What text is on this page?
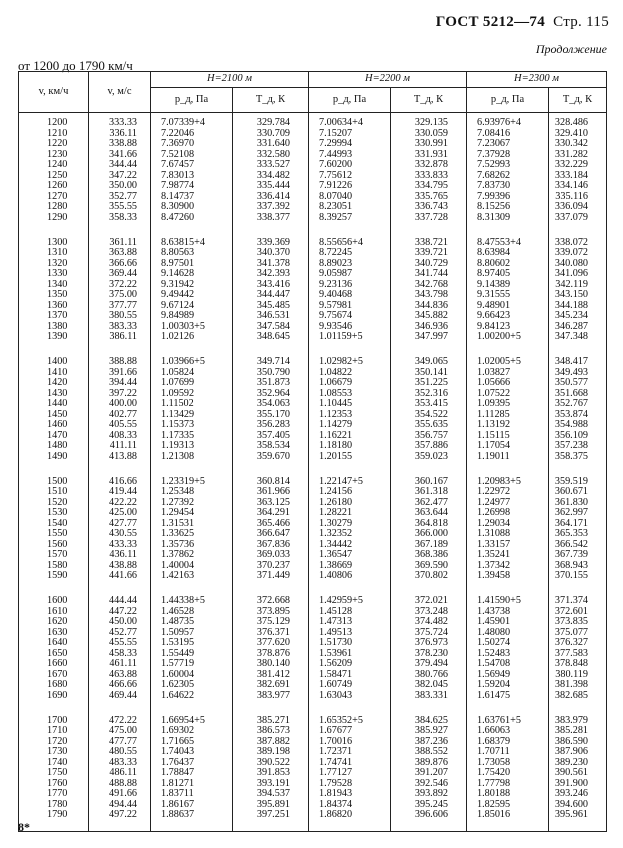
ГОСТ 5212—74 Стр. 115
Продолжение
от 1200 до 1790 км/ч
v, км/ч	v, м/с	H=2100 м		H=2200 м		H=2300 м	
		p_д, Па	T_д, К	p_д, Па	T_д, К	p_д, Па	T_д, К
1200	333.33	7.07339+4	329.784	7.00634+4	329.135	6.93976+4	328.486
1210	336.11	7.22046	330.709	7.15207	330.059	7.08416	329.410
1220	338.88	7.36970	331.640	7.29994	330.991	7.23067	330.342
1230	341.66	7.52108	332.580	7.44993	331.931	7.37928	331.282
1240	344.44	7.67457	333.527	7.60200	332.878	7.52993	332.229
1250	347.22	7.83013	334.482	7.75612	333.833	7.68262	333.184
1260	350.00	7.98774	335.444	7.91226	334.795	7.83730	334.146
1270	352.77	8.14737	336.414	8.07040	335.765	7.99396	335.116
1280	355.55	8.30900	337.392	8.23051	336.743	8.15256	336.094
1290	358.33	8.47260	338.377	8.39257	337.728	8.31309	337.079

1300	361.11	8.63815+4	339.369	8.55656+4	338.721	8.47553+4	338.072
1310	363.88	8.80563	340.370	8.72245	339.721	8.63984	339.072
1320	366.66	8.97501	341.378	8.89023	340.729	8.80602	340.080
1330	369.44	9.14628	342.393	9.05987	341.744	8.97405	341.096
1340	372.22	9.31942	343.416	9.23136	342.768	9.14389	342.119
1350	375.00	9.49442	344.447	9.40468	343.798	9.31555	343.150
1360	377.77	9.67124	345.485	9.57981	344.836	9.48901	344.188
1370	380.55	9.84989	346.531	9.75674	345.882	9.66423	345.234
1380	383.33	1.00303+5	347.584	9.93546	346.936	9.84123	346.287
1390	386.11	1.02126	348.645	1.01159+5	347.997	1.00200+5	347.348

1400	388.88	1.03966+5	349.714	1.02982+5	349.065	1.02005+5	348.417
1410	391.66	1.05824	350.790	1.04822	350.141	1.03827	349.493
1420	394.44	1.07699	351.873	1.06679	351.225	1.05666	350.577
1430	397.22	1.09592	352.964	1.08553	352.316	1.07522	351.668
1440	400.00	1.11502	354.063	1.10445	353.415	1.09395	352.767
1450	402.77	1.13429	355.170	1.12353	354.522	1.11285	353.874
1460	405.55	1.15373	356.283	1.14279	355.635	1.13192	354.988
1470	408.33	1.17335	357.405	1.16221	356.757	1.15115	356.109
1480	411.11	1.19313	358.534	1.18180	357.886	1.17054	357.238
1490	413.88	1.21308	359.670	1.20155	359.023	1.19011	358.375

1500	416.66	1.23319+5	360.814	1.22147+5	360.167	1.20983+5	359.519
1510	419.44	1.25348	361.966	1.24156	361.318	1.22972	360.671
1520	422.22	1.27392	363.125	1.26180	362.477	1.24977	361.830
1530	425.00	1.29454	364.291	1.28221	363.644	1.26998	362.997
1540	427.77	1.31531	365.466	1.30279	364.818	1.29034	364.171
1550	430.55	1.33625	366.647	1.32352	366.000	1.31088	365.353
1560	433.33	1.35736	367.836	1.34442	367.189	1.33157	366.542
1570	436.11	1.37862	369.033	1.36547	368.386	1.35241	367.739
1580	438.88	1.40004	370.237	1.38669	369.590	1.37342	368.943
1590	441.66	1.42163	371.449	1.40806	370.802	1.39458	370.155

1600	444.44	1.44338+5	372.668	1.42959+5	372.021	1.41590+5	371.374
1610	447.22	1.46528	373.895	1.45128	373.248	1.43738	372.601
1620	450.00	1.48735	375.129	1.47313	374.482	1.45901	373.835
1630	452.77	1.50957	376.371	1.49513	375.724	1.48080	375.077
1640	455.55	1.53195	377.620	1.51730	376.973	1.50274	376.327
1650	458.33	1.55449	378.876	1.53961	378.230	1.52483	377.583
1660	461.11	1.57719	380.140	1.56209	379.494	1.54708	378.848
1670	463.88	1.60004	381.412	1.58471	380.766	1.56949	380.119
1680	466.66	1.62305	382.691	1.60749	382.045	1.59204	381.398
1690	469.44	1.64622	383.977	1.63043	383.331	1.61475	382.685

1700	472.22	1.66954+5	385.271	1.65352+5	384.625	1.63761+5	383.979
1710	475.00	1.69302	386.573	1.67677	385.927	1.66063	385.281
1720	477.77	1.71665	387.882	1.70016	387.236	1.68379	386.590
1730	480.55	1.74043	389.198	1.72371	388.552	1.70711	387.906
1740	483.33	1.76437	390.522	1.74741	389.876	1.73058	389.230
1750	486.11	1.78847	391.853	1.77127	391.207	1.75420	390.561
1760	488.88	1.81271	393.191	1.79528	392.546	1.77798	391.900
1770	491.66	1.83711	394.537	1.81943	393.892	1.80188	393.246
1780	494.44	1.86167	395.891	1.84374	395.245	1.82595	394.600
1790	497.22	1.88637	397.251	1.86820	396.606	1.85016	395.961

8*
